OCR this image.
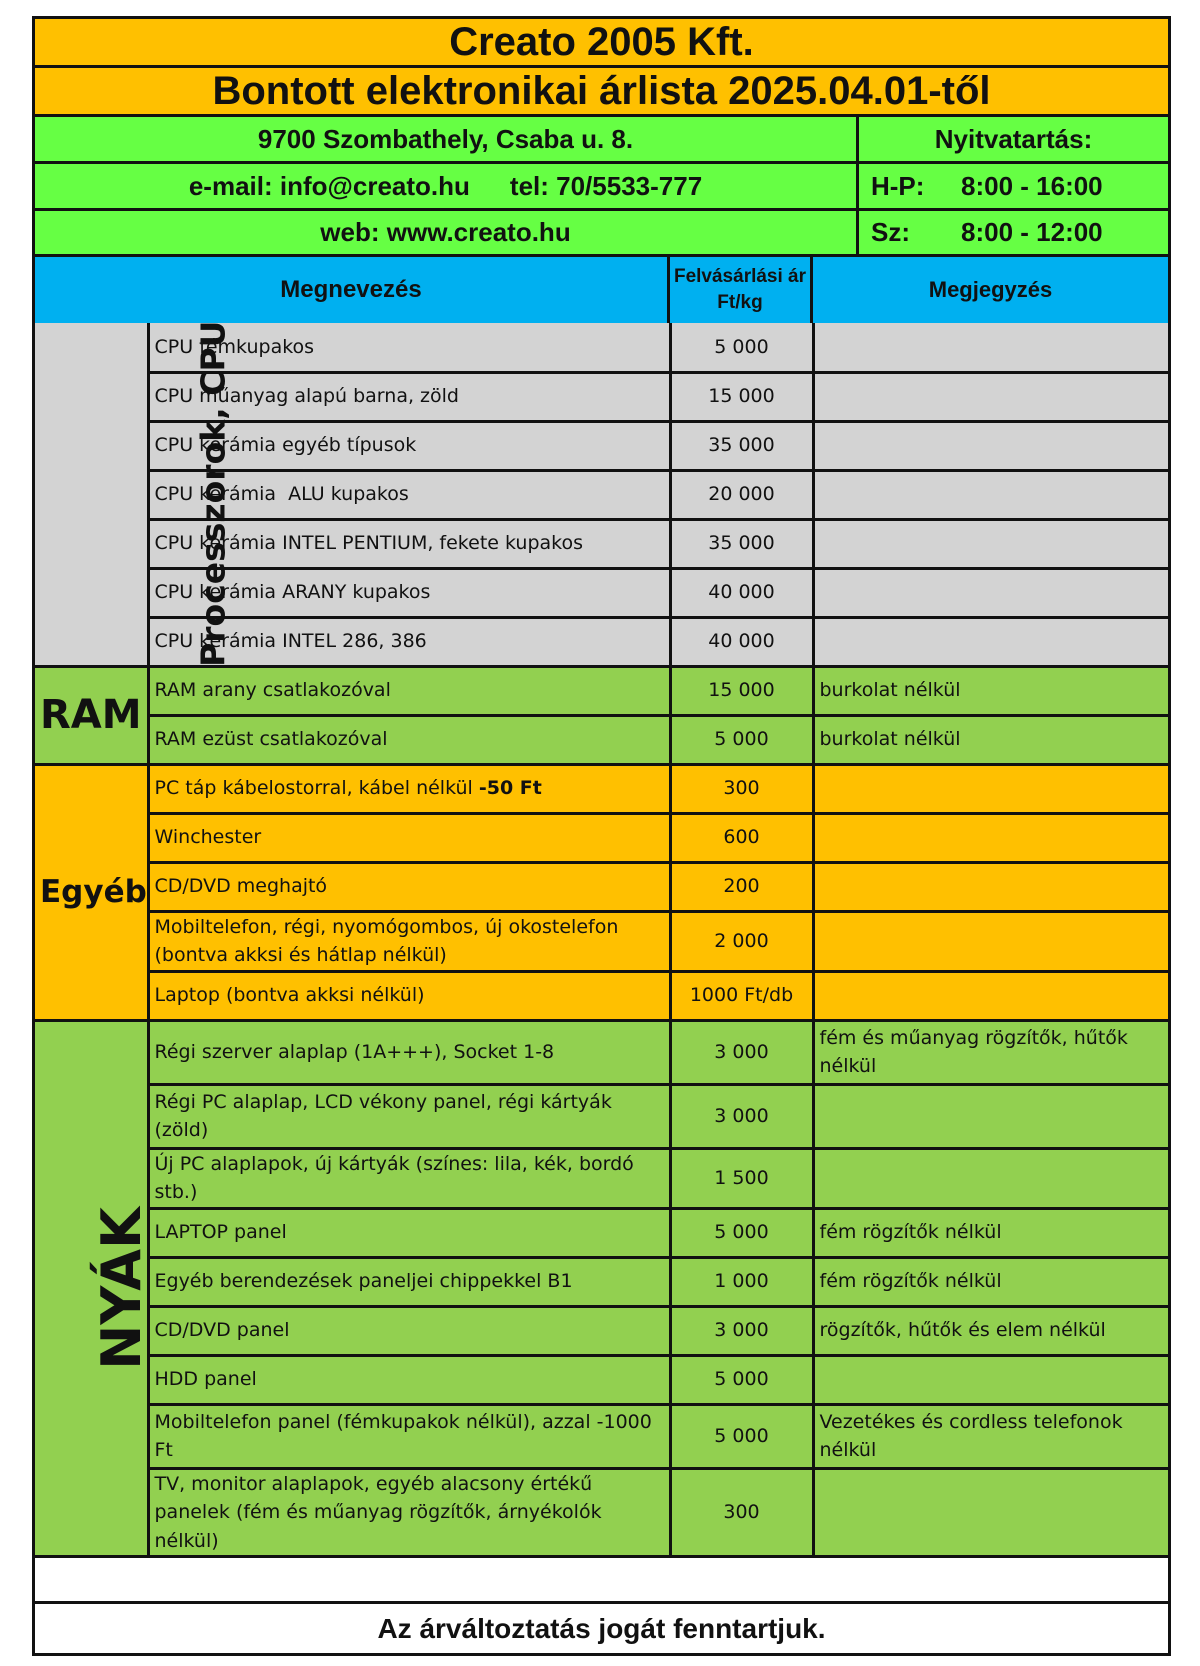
Creato 2005 Kft.
Bontott elektronikai árlista 2025.04.01-től
9700 Szombathely, Csaba u. 8.	Nyitvatartás:
e-mail: info@creato.hu tel: 70/5533-777	H-P:	8:00 - 16:00
web: www.creato.hu	Sz:	8:00 - 12:00
Megnevezés	Felvásárlási ár
Ft/kg
Megjegyzés
Processzorok, CPU	CPU fémkupakos	5 000	
	CPU műanyag alapú barna, zöld	15 000	
	CPU kerámia egyéb típusok	35 000	
	CPU kerámia  ALU kupakos	20 000	
	CPU kerámia INTEL PENTIUM, fekete kupakos	35 000	
	CPU kerámia ARANY kupakos	40 000	
	CPU kerámia INTEL 286, 386	40 000	
RAM	RAM arany csatlakozóval	15 000	burkolat nélkül
	RAM ezüst csatlakozóval	5 000	burkolat nélkül
Egyéb	PC táp kábelostorral, kábel nélkül -50 Ft	300	
	Winchester	600	
	CD/DVD meghajtó	200	
	Mobiltelefon, régi, nyomógombos, új okostelefon (bontva akksi és hátlap nélkül)	2 000	
	Laptop (bontva akksi nélkül)	1000 Ft/db	
NYÁK	Régi szerver alaplap (1A+++), Socket 1-8	3 000	fém és műanyag rögzítők, hűtők nélkül
	Régi PC alaplap, LCD vékony panel, régi kártyák (zöld)	3 000	
	Új PC alaplapok, új kártyák (színes: lila, kék, bordó stb.)	1 500	
	LAPTOP panel	5 000	fém rögzítők nélkül
	Egyéb berendezések paneljei chippekkel B1	1 000	fém rögzítők nélkül
	CD/DVD panel	3 000	rögzítők, hűtők és elem nélkül
	HDD panel	5 000	
	Mobiltelefon panel (fémkupakok nélkül), azzal -1000 Ft	5 000	Vezetékes és cordless telefonok nélkül
	TV, monitor alaplapok, egyéb alacsony értékű panelek (fém és műanyag rögzítők, árnyékolók nélkül)	300	
Az árváltoztatás jogát fenntartjuk.
